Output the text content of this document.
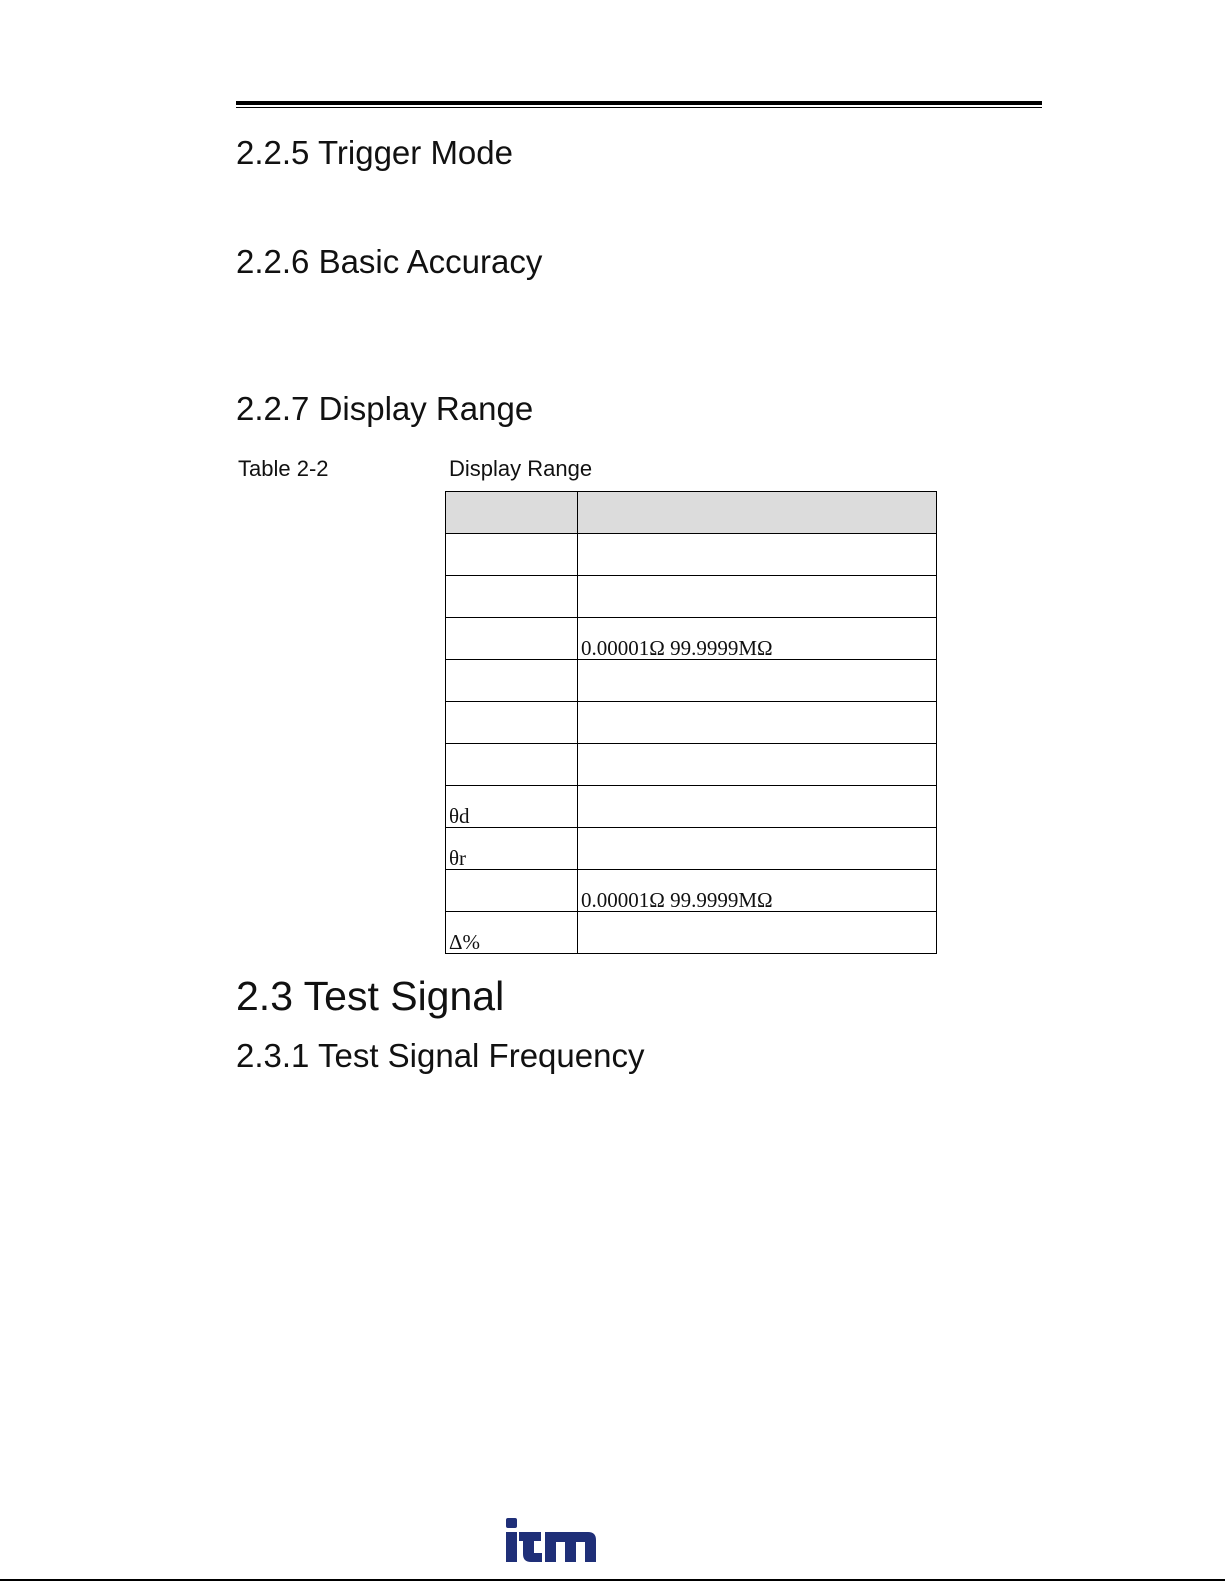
2.2.5 Trigger Mode
2.2.6 Basic Accuracy
2.2.7 Display Range
Table 2-2	Display Range

	0.00001Ω 99.9999MΩ

θd	
θr	
	0.00001Ω 99.9999MΩ
Δ%	
2.3 Test Signal
2.3.1 Test Signal Frequency
